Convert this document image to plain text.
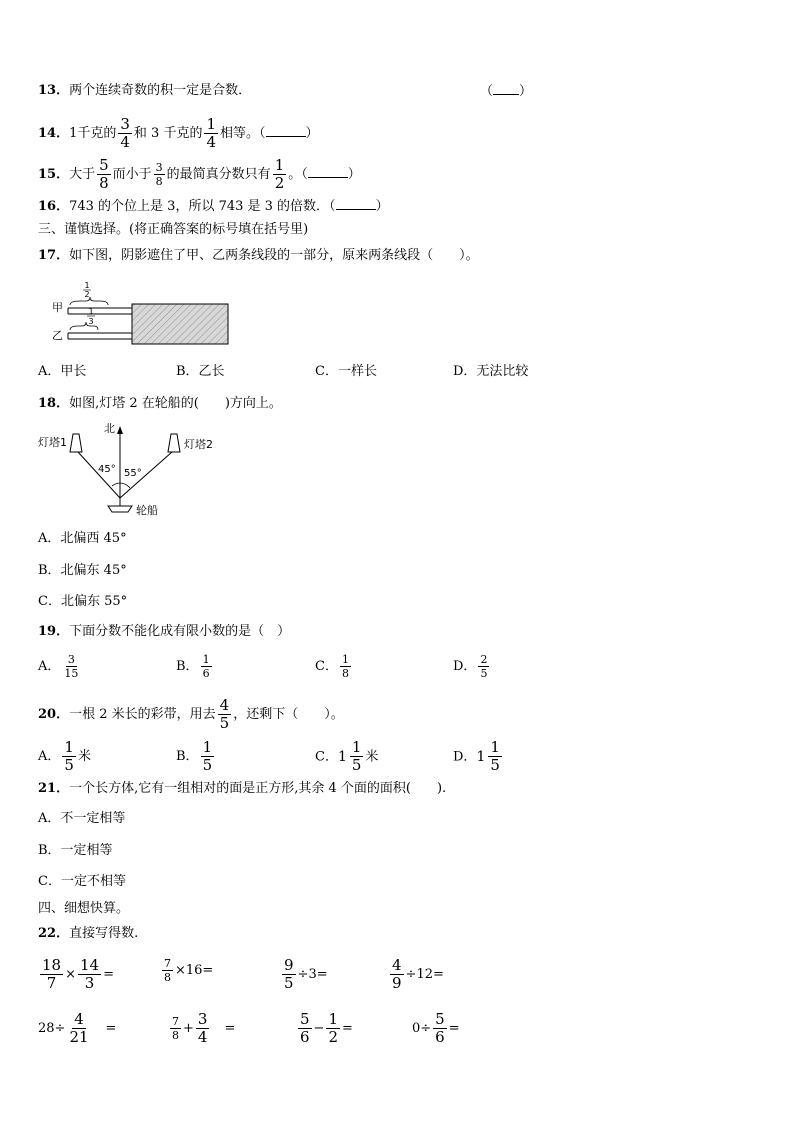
13．两个连续奇数的积一定是合数．	（ ）
14．1千克的 $\frac{3}{4}$ 和 3 千克的 $\frac{1}{4}$ 相等。（	）
15．大于 $\frac{5}{8}$ 而小于 $\frac{3}{8}$ 的最简真分数只有 $\frac{1}{2}$ 。（	）
16．743 的个位上是 3，所以 743 是 3 的倍数．（	）
三、谨慎选择。(将正确答案的标号填在括号里)
17．如下图，阴影遮住了甲、乙两条线段的一部分，原来两条线段（　　）。
甲
乙
1
2
1
3
A．甲长	B．乙长	C．一样长	D．无法比较
18．如图,灯塔 2 在轮船的(　　)方向上。
灯塔1	灯塔2
北
45° 55°
轮船
A．北偏西 45°
B．北偏东 45°
C．北偏东 55°
19．下面分数不能化成有限小数的是（　）
A． $\frac{3}{15}$	B． $\frac{1}{6}$	C． $\frac{1}{8}$	D． $\frac{2}{5}$
20．一根 2 米长的彩带，用去 $\frac{4}{5}$ ，还剩下（　　）。
A． $\frac{1}{5}$ 米	B． $\frac{1}{5}$	C． $1 \frac{1}{5}$ 米	D． $1 \frac{1}{5}$
21．一个长方体,它有一组相对的面是正方形,其余 4 个面的面积(　　).
A．不一定相等
B．一定相等
C．一定不相等
四、细想快算。
22．直接写得数.
$\frac{18}{7} \times \frac{14}{3}$ =	$\frac{7}{8} \times 16=$	$\frac{9}{5} \div 3=$	$\frac{4}{9} \div 12=$
$28\div \frac{4}{21}$ 　=	$\frac{7}{8} + \frac{3}{4}$ 　=	$\frac{5}{6} - \frac{1}{2}$ =	$0\div \frac{5}{6}$ =
